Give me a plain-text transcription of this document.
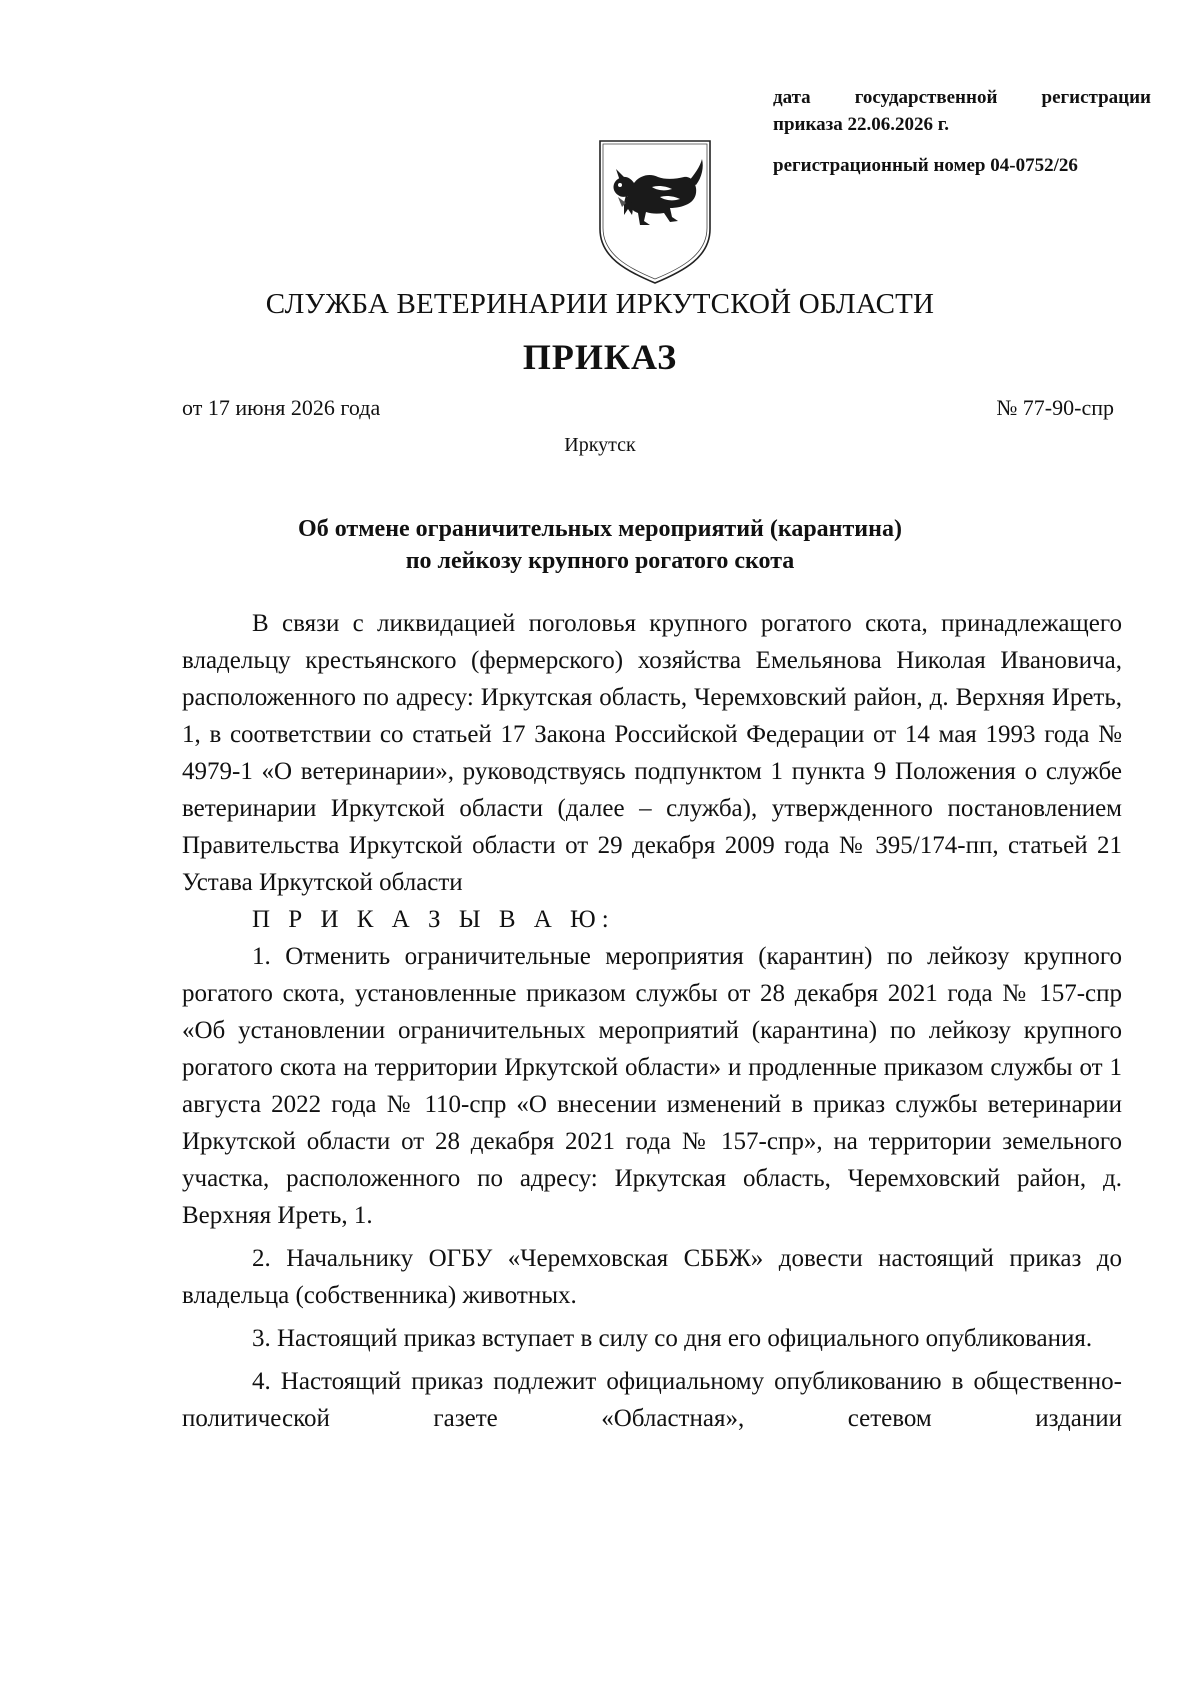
дата государственной регистрации
приказа 22.06.2026 г.
регистрационный номер 04-0752/26
СЛУЖБА ВЕТЕРИНАРИИ ИРКУТСКОЙ ОБЛАСТИ
ПРИКАЗ
от 17 июня 2026 года	№ 77-90-спр
Иркутск
Об отмене ограничительных мероприятий (карантина)
по лейкозу крупного рогатого скота

В связи с ликвидацией поголовья крупного рогатого скота, принадлежащего владельцу крестьянского (фермерского) хозяйства Емельянова Николая Ивановича, расположенного по адресу: Иркутская область, Черемховский район, д. Верхняя Иреть, 1, в соответствии со статьей 17 Закона Российской Федерации от 14 мая 1993 года № 4979-1 «О ветеринарии», руководствуясь подпунктом 1 пункта 9 Положения о службе ветеринарии Иркутской области (далее – служба), утвержденного постановлением Правительства Иркутской области от 29 декабря 2009 года № 395/174-пп, статьей 21 Устава Иркутской области

П Р И К А З Ы В А Ю:

1. Отменить ограничительные мероприятия (карантин) по лейкозу крупного рогатого скота, установленные приказом службы от 28 декабря 2021 года № 157-спр «Об установлении ограничительных мероприятий (карантина) по лейкозу крупного рогатого скота на территории Иркутской области» и продленные приказом службы от 1 августа 2022 года № 110-спр «О внесении изменений в приказ службы ветеринарии Иркутской области от 28 декабря 2021 года № 157-спр», на территории земельного участка, расположенного по адресу: Иркутская область, Черемховский район, д. Верхняя Иреть, 1.

2. Начальнику ОГБУ «Черемховская СББЖ» довести настоящий приказ до владельца (собственника) животных.

3. Настоящий приказ вступает в силу со дня его официального опубликования.

4. Настоящий приказ подлежит официальному опубликованию в общественно-политической газете «Областная», сетевом издании
